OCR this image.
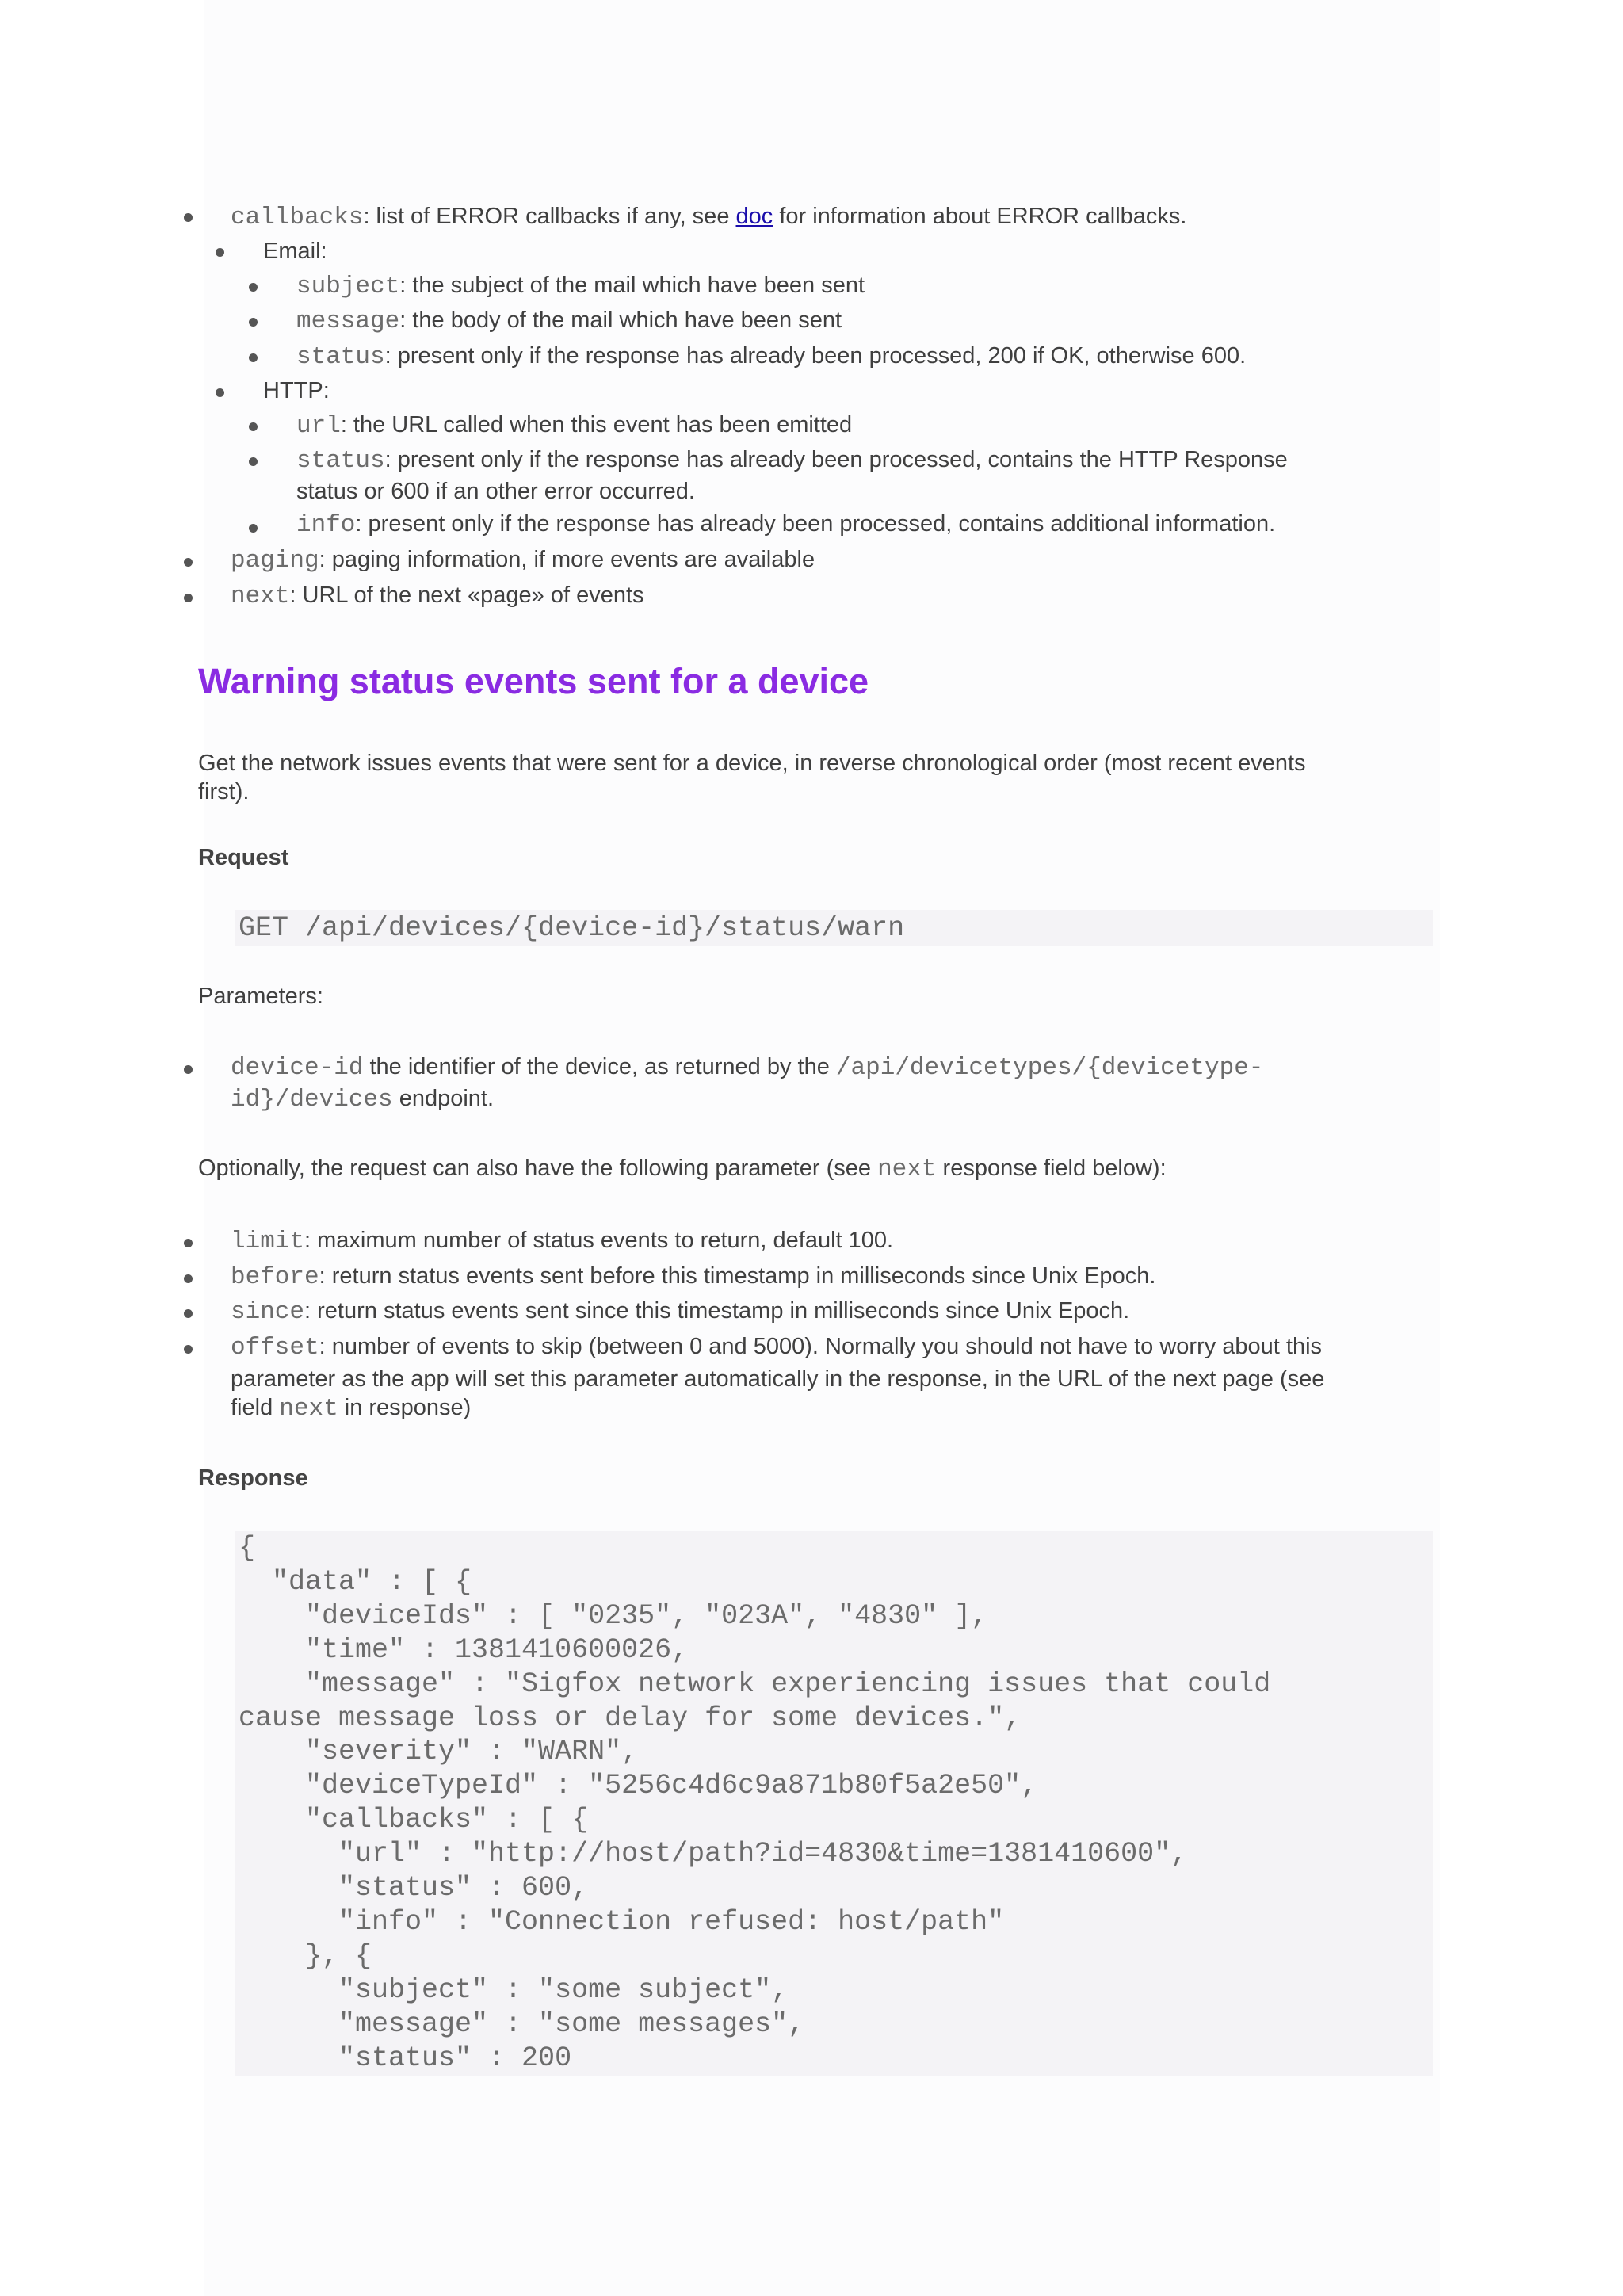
callbacks: list of ERROR callbacks if any, see doc for information about ERROR callbacks.
Email:
subject: the subject of the mail which have been sent
message: the body of the mail which have been sent
status: present only if the response has already been processed, 200 if OK, otherwise 600.
HTTP:
url: the URL called when this event has been emitted
status: present only if the response has already been processed, contains the HTTP Response
status or 600 if an other error occurred.
info: present only if the response has already been processed, contains additional information.
paging: paging information, if more events are available
next: URL of the next «page» of events
Warning status events sent for a device
Get the network issues events that were sent for a device, in reverse chronological order (most recent events
first).
Request
GET /api/devices/{device-id}/status/warn
Parameters:
device-id the identifier of the device, as returned by the /api/devicetypes/{devicetype-
id}/devices endpoint.
Optionally, the request can also have the following parameter (see next response field below):
limit: maximum number of status events to return, default 100.
before: return status events sent before this timestamp in milliseconds since Unix Epoch.
since: return status events sent since this timestamp in milliseconds since Unix Epoch.
offset: number of events to skip (between 0 and 5000). Normally you should not have to worry about this
parameter as the app will set this parameter automatically in the response, in the URL of the next page (see
field next in response)
Response
{
"data" : [ {
"deviceIds" : [ "0235", "023A", "4830" ],
"time" : 1381410600026,
"message" : "Sigfox network experiencing issues that could
cause message loss or delay for some devices.",
"severity" : "WARN",
"deviceTypeId" : "5256c4d6c9a871b80f5a2e50",
"callbacks" : [ {
"url" : "http://host/path?id=4830&time=1381410600",
"status" : 600,
"info" : "Connection refused: host/path"
}, {
"subject" : "some subject",
"message" : "some messages",
"status" : 200
